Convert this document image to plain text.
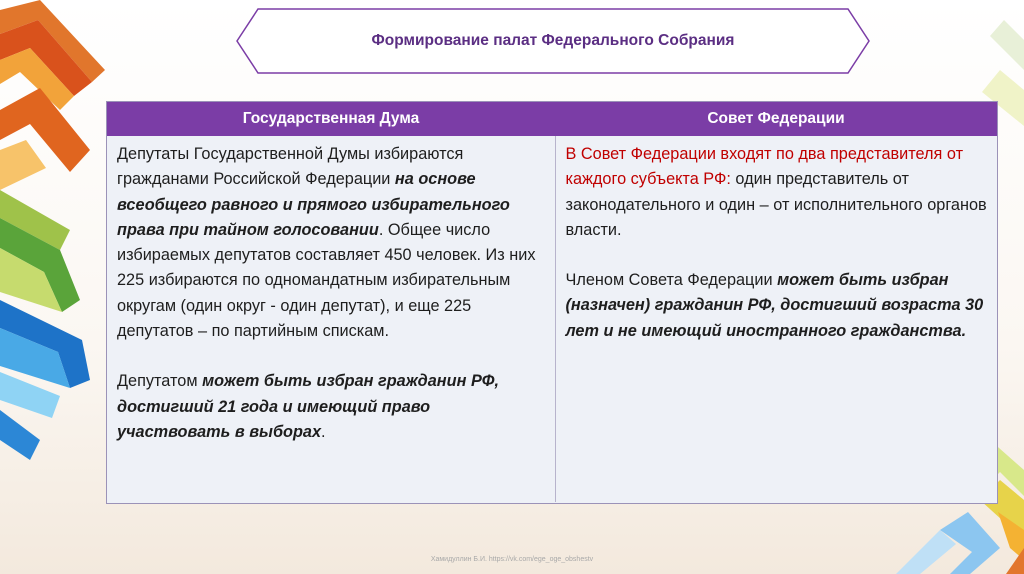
Формирование палат Федерального Собрания
Государственная Дума	Совет Федерации

Депутаты Государственной Думы избираются гражданами Российской Федерации на основе всеобщего равного и прямого избирательного права при тайном голосовании. Общее число избираемых депутатов составляет 450 человек. Из них 225 избираются по одномандатным избирательным округам (один округ - один депутат), и еще 225 депутатов – по партийным спискам.

Депутатом может быть избран гражданин РФ, достигший 21 года и имеющий право участвовать в выборах.

В Совет Федерации входят по два представителя от каждого субъекта РФ: один представитель от законодательного и один – от исполнительного органов власти.

Членом Совета Федерации может быть избран (назначен) гражданин РФ, достигший возраста 30 лет и не имеющий иностранного гражданства.

Хамидуллин Б.И. https://vk.com/ege_oge_obshestv
